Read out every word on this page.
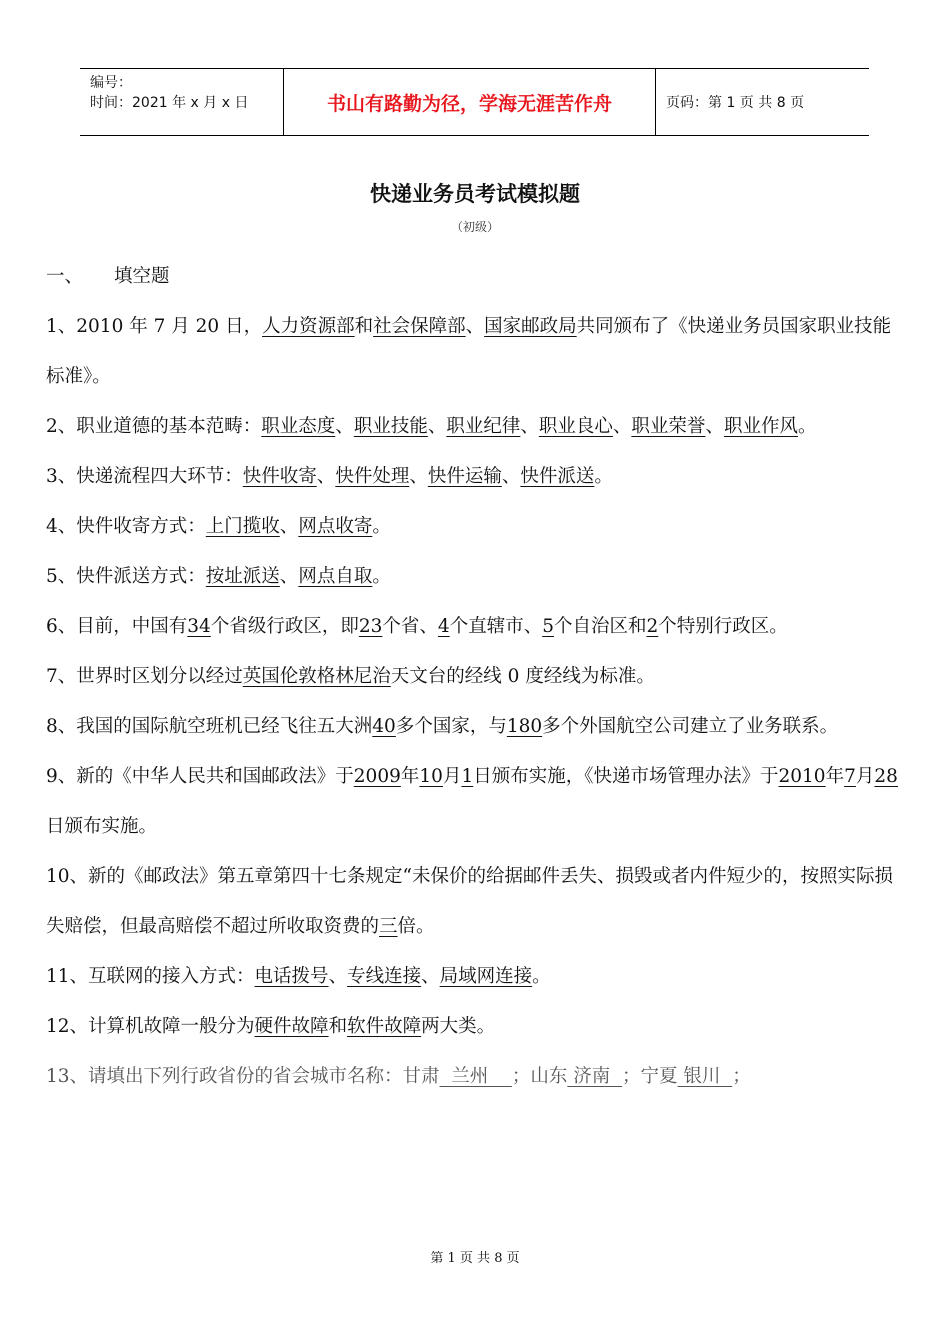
编号：
时间：2021 年 x 月 x 日	书山有路勤为径，学海无涯苦作舟	页码：第 1 页 共 8 页
快递业务员考试模拟题
（初级）

一、 填空题

1、2010 年 7 月 20 日，人力资源部和社会保障部、国家邮政局共同颁布了《快递业务员国家职业技能标准》。

2、职业道德的基本范畴：职业态度、职业技能、职业纪律、职业良心、职业荣誉、职业作风。

3、快递流程四大环节：快件收寄、快件处理、快件运输、快件派送。

4、快件收寄方式：上门揽收、网点收寄。

5、快件派送方式：按址派送、网点自取。

6、目前，中国有34个省级行政区，即23个省、4个直辖市、5个自治区和2个特别行政区。

7、世界时区划分以经过英国伦敦格林尼治天文台的经线 0 度经线为标准。

8、我国的国际航空班机已经飞往五大洲40多个国家，与180多个外国航空公司建立了业务联系。

9、新的《中华人民共和国邮政法》于2009年10月1日颁布实施，《快递市场管理办法》于2010年7月28日颁布实施。

10、新的《邮政法》第五章第四十七条规定“未保价的给据邮件丢失、损毁或者内件短少的，按照实际损失赔偿，但最高赔偿不超过所收取资费的三倍。

11、互联网的接入方式：电话拨号、专线连接、局域网连接。

12、计算机故障一般分为硬件故障和软件故障两大类。

13、请填出下列行政省份的省会城市名称：甘肃  兰州    ；山东 济南  ；宁夏 银川  ；

第 1 页 共 8 页
